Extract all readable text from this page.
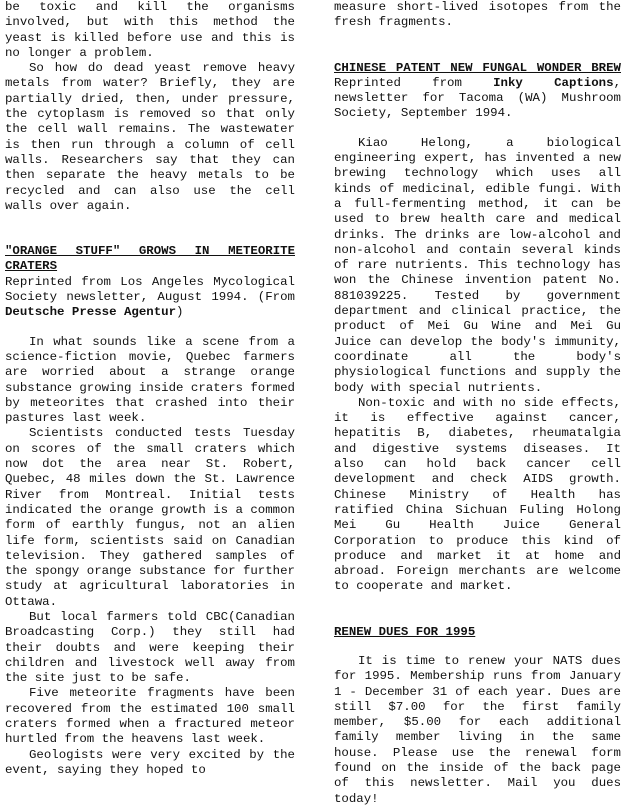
be toxic and kill the organisms involved, but with this method the yeast is killed before use and this is no longer a problem.

So how do dead yeast remove heavy metals from water? Briefly, they are partially dried, then, under pressure, the cytoplasm is removed so that only the cell wall remains. The wastewater is then run through a column of cell walls. Researchers say that they can then separate the heavy metals to be recycled and can also use the cell walls over again.

"ORANGE STUFF" GROWS IN METEORITE CRATERS

Reprinted from Los Angeles Mycological Society newsletter, August 1994. (From Deutsche Presse Agentur)

In what sounds like a scene from a science-fiction movie, Quebec farmers are worried about a strange orange substance growing inside craters formed by meteorites that crashed into their pastures last week.

Scientists conducted tests Tuesday on scores of the small craters which now dot the area near St. Robert, Quebec, 48 miles down the St. Lawrence River from Montreal. Initial tests indicated the orange growth is a common form of earthly fungus, not an alien life form, scientists said on Canadian television. They gathered samples of the spongy orange substance for further study at agricultural laboratories in Ottawa.

But local farmers told CBC(Canadian Broadcasting Corp.) they still had their doubts and were keeping their children and livestock well away from the site just to be safe.

Five meteorite fragments have been recovered from the estimated 100 small craters formed when a fractured meteor hurtled from the heavens last week.

Geologists were very excited by the event, saying they hoped to

measure short-lived isotopes from the fresh fragments.

CHINESE PATENT NEW FUNGAL WONDER BREW Reprinted from Inky Captions, newsletter for Tacoma (WA) Mushroom Society, September 1994.

Kiao Helong, a biological engineering expert, has invented a new brewing technology which uses all kinds of medicinal, edible fungi. With a full-fermenting method, it can be used to brew health care and medical drinks. The drinks are low-alcohol and non-alcohol and contain several kinds of rare nutrients. This technology has won the Chinese invention patent No. 881039225. Tested by government department and clinical practice, the product of Mei Gu Wine and Mei Gu Juice can develop the body's immunity, coordinate all the body's physiological functions and supply the body with special nutrients.

Non-toxic and with no side effects, it is effective against cancer, hepatitis B, diabetes, rheumatalgia and digestive systems diseases. It also can hold back cancer cell development and check AIDS growth. Chinese Ministry of Health has ratified China Sichuan Fuling Holong Mei Gu Health Juice General Corporation to produce this kind of produce and market it at home and abroad. Foreign merchants are welcome to cooperate and market.

RENEW DUES FOR 1995

It is time to renew your NATS dues for 1995. Membership runs from January 1 - December 31 of each year. Dues are still $7.00 for the first family member, $5.00 for each additional family member living in the same house. Please use the renewal form found on the inside of the back page of this newsletter. Mail you dues today!
